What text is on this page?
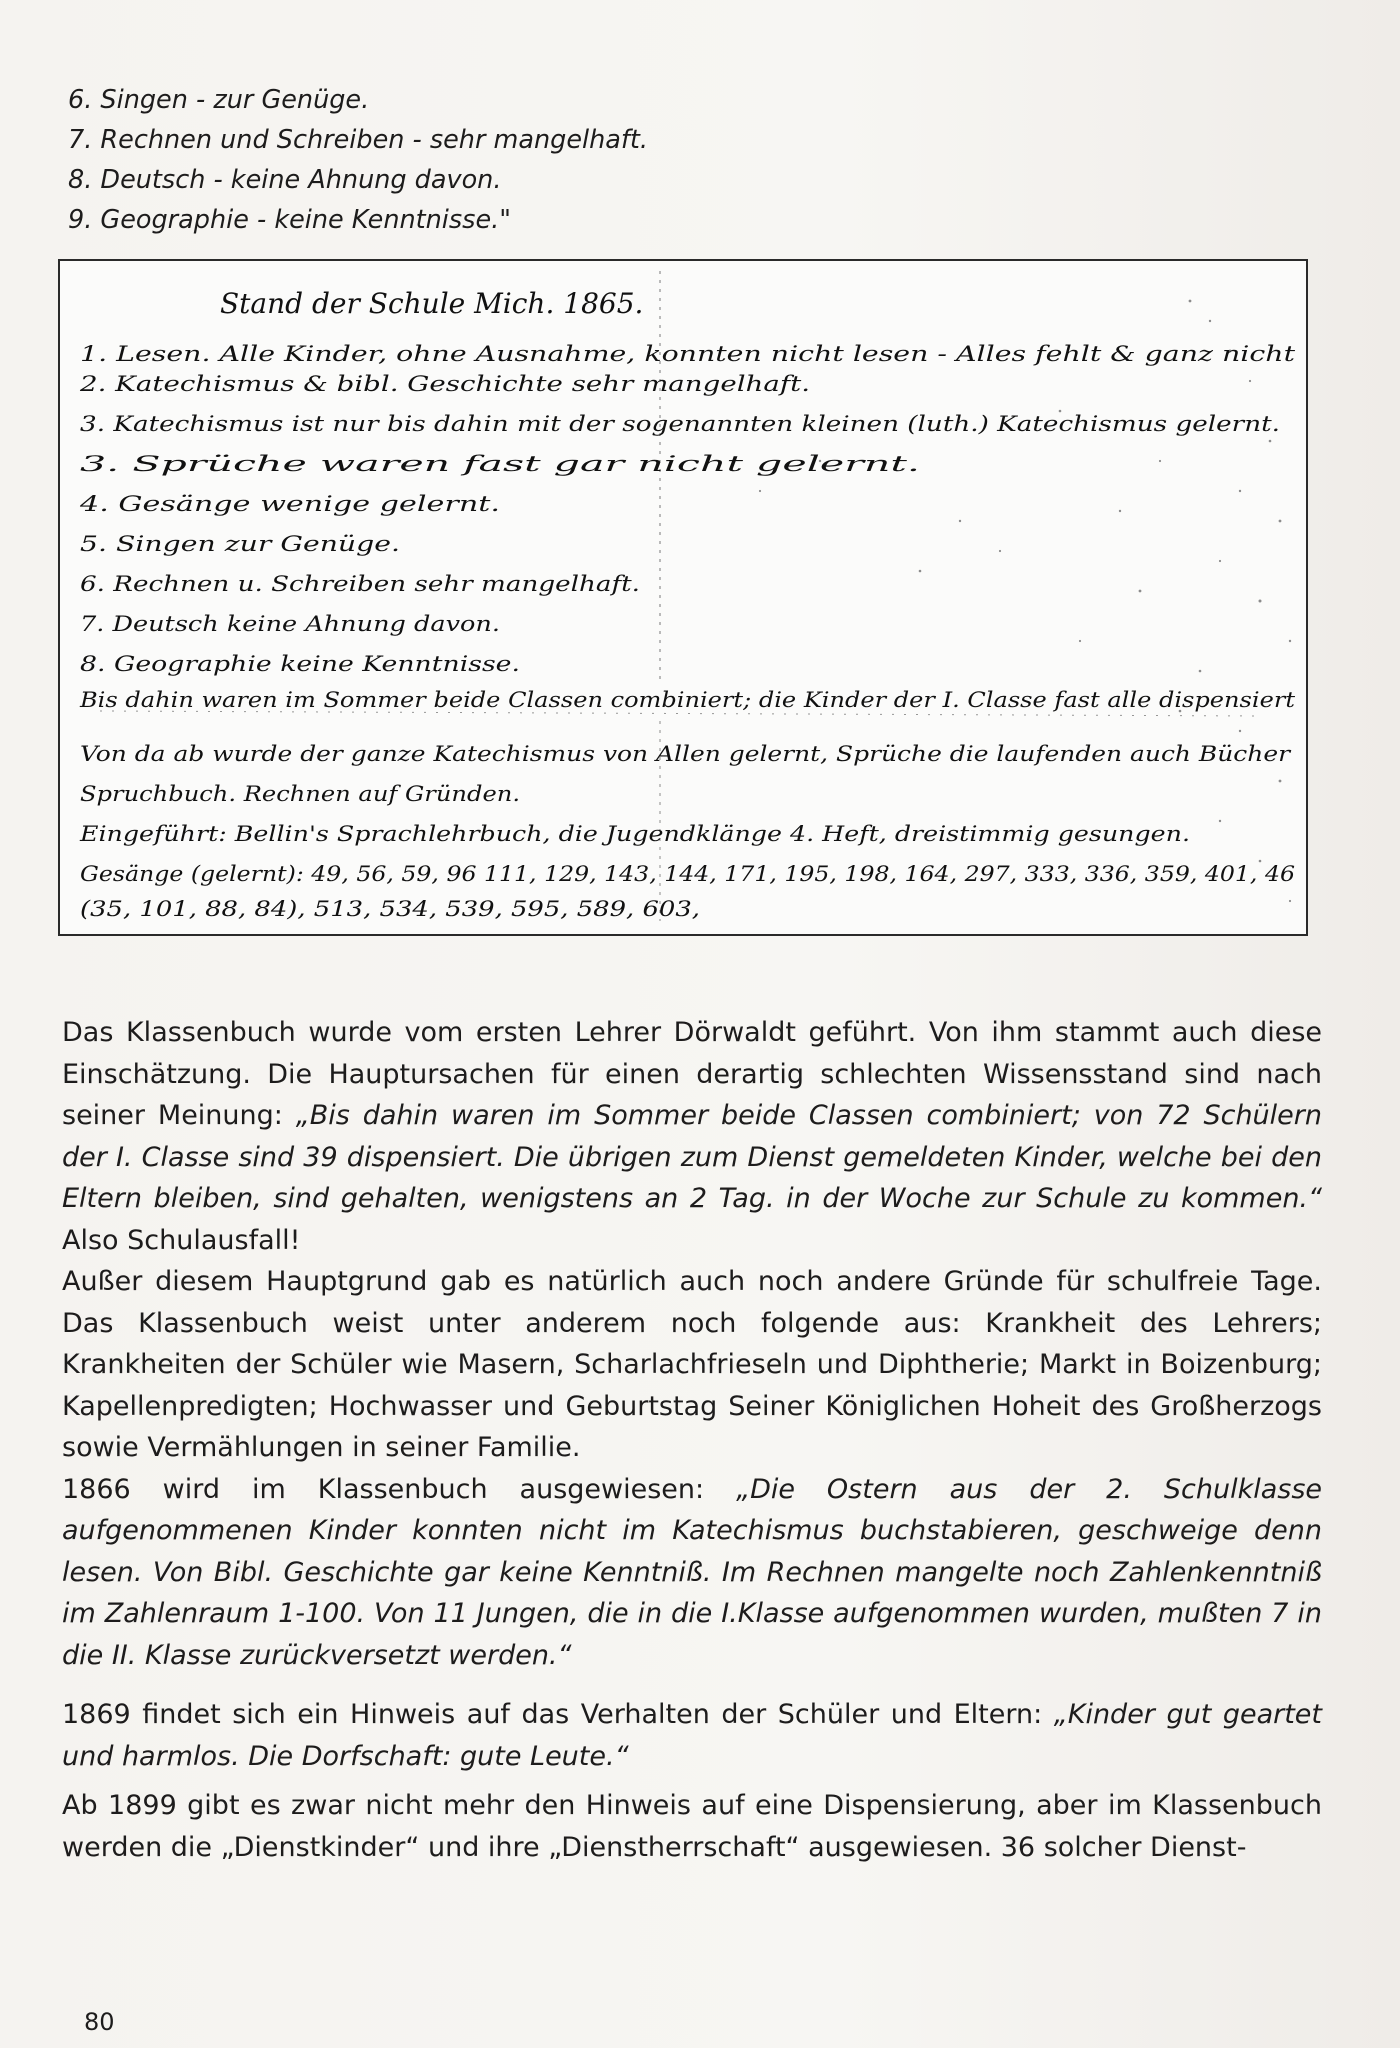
6. Singen - zur Genüge.
7. Rechnen und Schreiben - sehr mangelhaft.
8. Deutsch - keine Ahnung davon.
9. Geographie - keine Kenntnisse."
Stand der Schule Mich. 1865.
1. Lesen. Alle Kinder, ohne Ausnahme, konnten nicht lesen - Alles fehlt & ganz nicht
2. Katechismus & bibl. Geschichte sehr mangelhaft.
3. Katechismus ist nur bis dahin mit der sogenannten kleinen (luth.) Katechismus gelernt.
3. Sprüche waren fast gar nicht gelernt.
4. Gesänge wenige gelernt.
5. Singen zur Genüge.
6. Rechnen u. Schreiben sehr mangelhaft.
7. Deutsch keine Ahnung davon.
8. Geographie keine Kenntnisse.
Bis dahin waren im Sommer beide Classen combiniert; die Kinder der I. Classe fast alle dispensiert
Von da ab wurde der ganze Katechismus von Allen gelernt, Sprüche die laufenden auch Bücher
Spruchbuch. Rechnen auf Gründen.
Eingeführt: Bellin's Sprachlehrbuch, die Jugendklänge 4. Heft, dreistimmig gesungen.
Gesänge (gelernt): 49, 56, 59, 96 111, 129, 143, 144, 171, 195, 198, 164, 297, 333, 336, 359, 401, 46
(35, 101, 88, 84), 513, 534, 539, 595, 589, 603,

Das Klassenbuch wurde vom ersten Lehrer Dörwaldt geführt. Von ihm stammt auch diese Einschätzung. Die Hauptursachen für einen derartig schlechten Wissensstand sind nach seiner Meinung: „Bis dahin waren im Sommer beide Classen combiniert; von 72 Schülern der I. Classe sind 39 dispensiert. Die übrigen zum Dienst gemeldeten Kinder, welche bei den Eltern bleiben, sind gehalten, wenigstens an 2 Tag. in der Woche zur Schule zu kommen.“ Also Schulausfall!

Außer diesem Hauptgrund gab es natürlich auch noch andere Gründe für schulfreie Tage. Das Klassenbuch weist unter anderem noch folgende aus: Krankheit des Lehrers; Krankheiten der Schüler wie Masern, Scharlachfrieseln und Diphtherie; Markt in Boizenburg; Kapellenpredigten; Hochwasser und Geburtstag Seiner Königlichen Hoheit des Großherzogs sowie Vermählungen in seiner Familie.

1866 wird im Klassenbuch ausgewiesen: „Die Ostern aus der 2. Schulklasse aufgenommenen Kinder konnten nicht im Katechismus buchstabieren, geschweige denn lesen. Von Bibl. Geschichte gar keine Kenntniß. Im Rechnen mangelte noch Zahlenkenntniß im Zahlenraum 1-100. Von 11 Jungen, die in die I.Klasse aufgenommen wurden, mußten 7 in die II. Klasse zurückversetzt werden.“

1869 findet sich ein Hinweis auf das Verhalten der Schüler und Eltern: „Kinder gut geartet und harmlos. Die Dorfschaft: gute Leute.“

Ab 1899 gibt es zwar nicht mehr den Hinweis auf eine Dispensierung, aber im Klassenbuch werden die „Dienstkinder“ und ihre „Dienstherrschaft“ ausgewiesen. 36 solcher Dienst-

80
